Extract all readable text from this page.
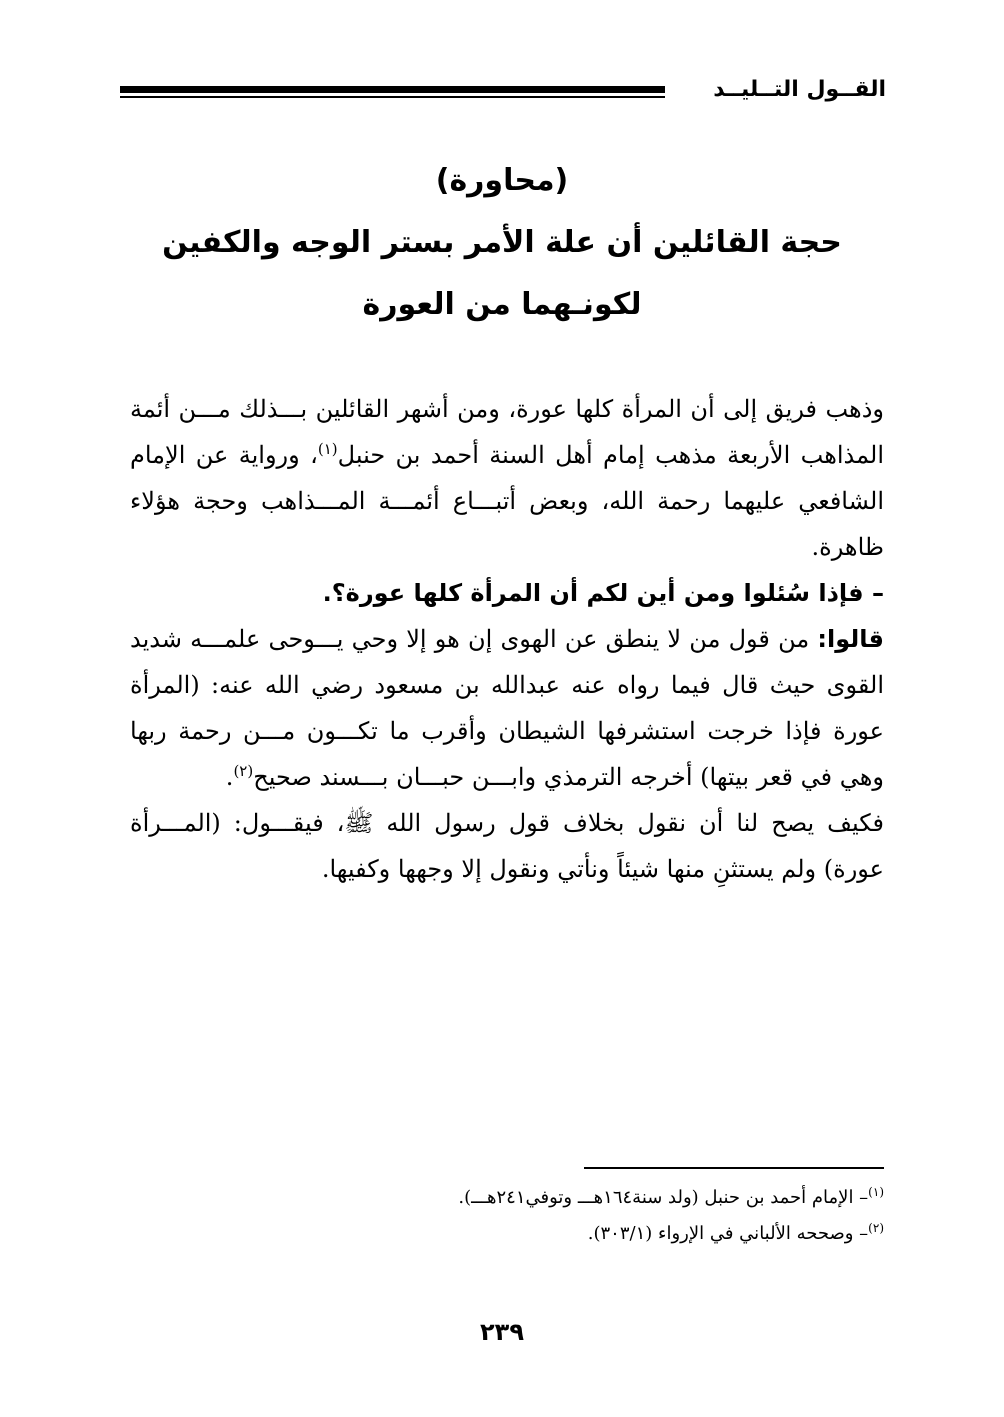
القــول التــليــد
(محاورة)
حجة القائلين أن علة الأمر بستر الوجه والكفين
لكونـهما من العورة

وذهب فريق إلى أن المرأة كلها عورة، ومن أشهر القائلين بـــذلك مـــن أئمة المذاهب الأربعة مذهب إمام أهل السنة أحمد بن حنبل$^{(١)}$، ورواية عن الإمام الشافعي عليهما رحمة الله، وبعض أتبـــاع أئمـــة المـــذاهب وحجة هؤلاء ظاهرة.

– فإذا سُئلوا ومن أين لكم أن المرأة كلها عورة؟.

قالوا: من قول من لا ينطق عن الهوى إن هو إلا وحي يـــوحى علمـــه شديد القوى حيث قال فيما رواه عنه عبدالله بن مسعود رضي الله عنه: (المرأة عورة فإذا خرجت استشرفها الشيطان وأقرب ما تكـــون مـــن رحمة ربها وهي في قعر بيتها) أخرجه الترمذي وابـــن حبـــان بـــسند صحيح$^{(٢)}$.

فكيف يصح لنا أن نقول بخلاف قول رسول الله ﷺ، فيقـــول: (المـــرأة عورة) ولم يستثنِ منها شيئاً ونأتي ونقول إلا وجهها وكفيها.

$^{(١)}$– الإمام أحمد بن حنبل (ولد سنة١٦٤هـــ وتوفي٢٤١هـــ).
$^{(٢)}$– وصححه الألباني في الإرواء (٣٠٣/١).
٢٣٩
